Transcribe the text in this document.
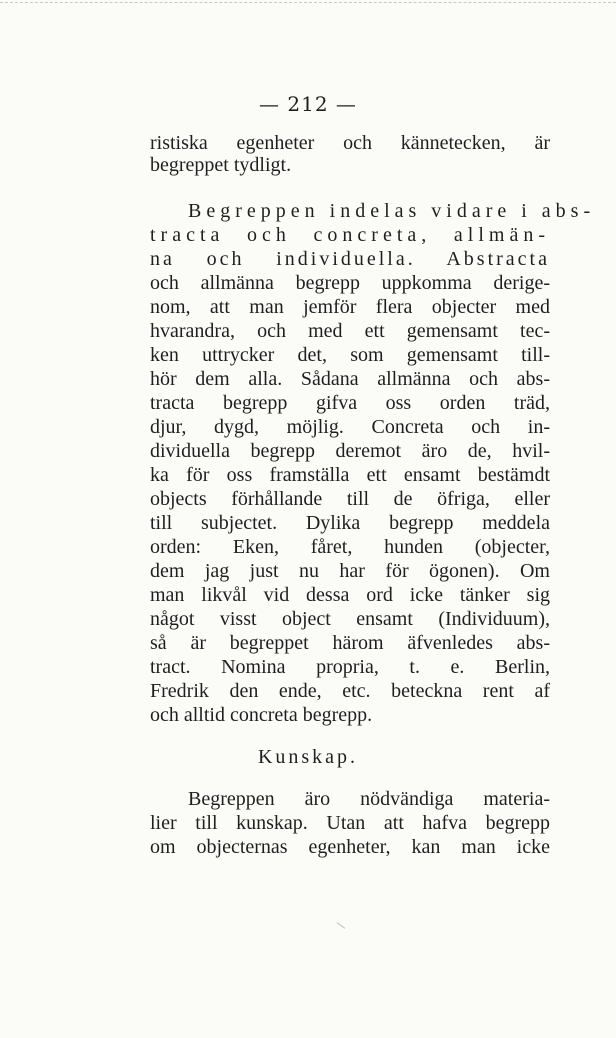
— 212 —
ristiska egenheter och kännetecken, är
begreppet tydligt.
Begreppen indelas vidare i abs-
tracta och concreta, allmän-
na och individuella. Abstracta
och allmänna begrepp uppkomma derige-
nom, att man jemför flera objecter med
hvarandra, och med ett gemensamt tec-
ken uttrycker det, som gemensamt till-
hör dem alla. Sådana allmänna och abs-
tracta begrepp gifva oss orden träd,
djur, dygd, möjlig. Concreta och in-
dividuella begrepp deremot äro de, hvil-
ka för oss framställa ett ensamt bestämdt
objects förhållande till de öfriga, eller
till subjectet. Dylika begrepp meddela
orden: Eken, fåret, hunden (objecter,
dem jag just nu har för ögonen). Om
man likvål vid dessa ord icke tänker sig
något visst object ensamt (Individuum),
så är begreppet härom äfvenledes abs-
tract. Nomina propria, t. e. Berlin,
Fredrik den ende, etc. beteckna rent af
och alltid concreta begrepp.
Kunskap.
Begreppen äro nödvändiga materia-
lier till kunskap. Utan att hafva begrepp
om objecternas egenheter, kan man icke
